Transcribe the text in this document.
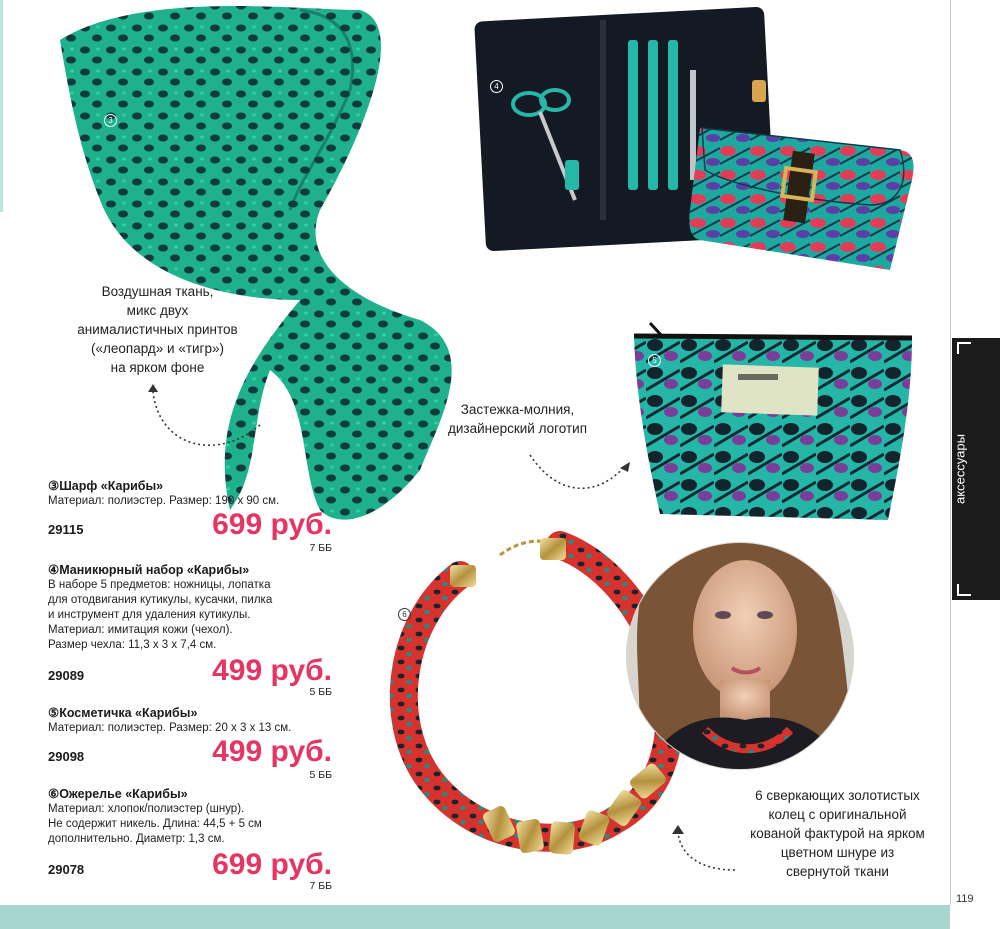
119
аксессуары
3
4
5
6
Воздушная ткань,
микс двух
анималистичных принтов
(«леопард» и «тигр»)
на ярком фоне
Застежка-молния,
дизайнерский логотип
6 сверкающих золотистых
колец с оригинальной
кованой фактурой на ярком
цветном шнуре из
свернутой ткани
③Шарф «Карибы»
Материал: полиэстер. Размер: 190 x 90 см.
29115	699 руб.
7 ББ
④Маникюрный набор «Карибы»
В наборе 5 предметов: ножницы, лопатка
для отодвигания кутикулы, кусачки, пилка
и инструмент для удаления кутикулы.
Материал: имитация кожи (чехол).
Размер чехла: 11,3 x 3 x 7,4 см.
29089	499 руб.
5 ББ
⑤Косметичка «Карибы»
Материал: полиэстер. Размер: 20 x 3 x 13 см.
29098	499 руб.
5 ББ
⑥Ожерелье «Карибы»
Материал: хлопок/полиэстер (шнур).
Не содержит никель. Длина: 44,5 + 5 см
дополнительно. Диаметр: 1,3 см.
29078	699 руб.
7 ББ
